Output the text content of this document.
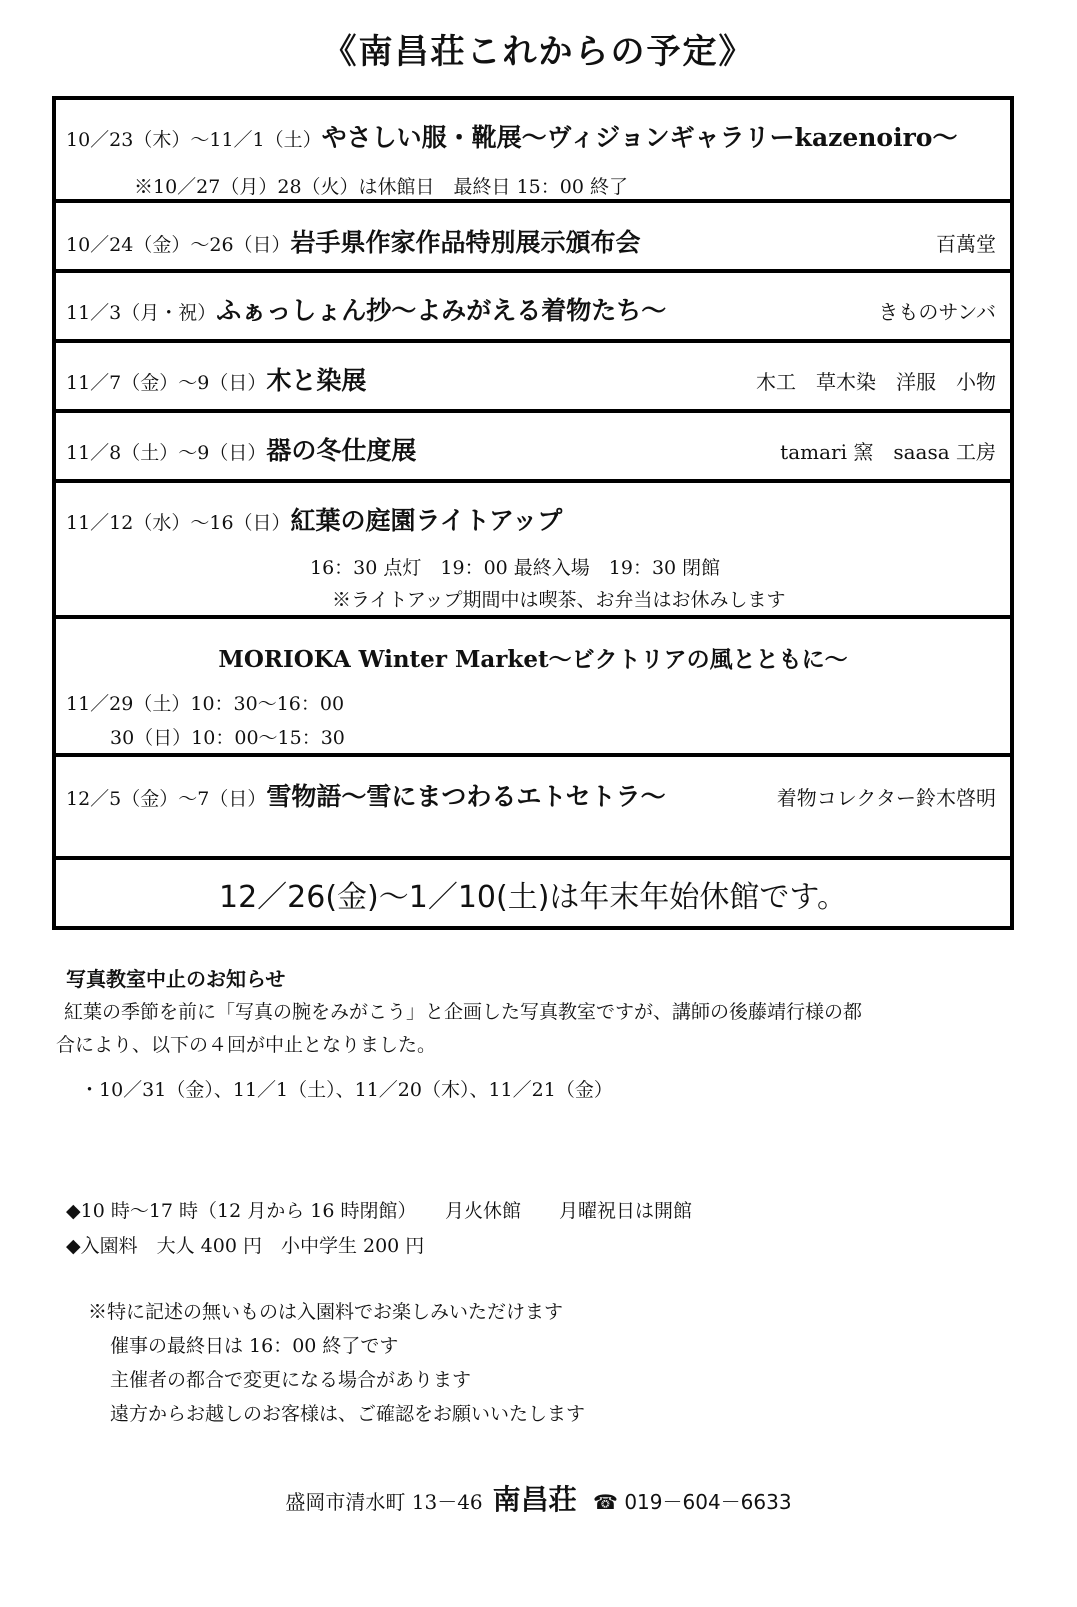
《南昌荘これからの予定》
10／23（木）～11／1（土）やさしい服・靴展～ヴィジョンギャラリーkazenoiro～
※10／27（月）28（火）は休館日　最終日 15：00 終了
10／24（金）～26（日）岩手県作家作品特別展示頒布会	百萬堂
11／3（月・祝）ふぁっしょん抄～よみがえる着物たち～	きものサンバ
11／7（金）～9（日）木と染展	木工　草木染　洋服　小物
11／8（土）～9（日）器の冬仕度展	tamari 窯　saasa 工房
11／12（水）～16（日）紅葉の庭園ライトアップ
16：30 点灯　19：00 最終入場　19：30 閉館
※ライトアップ期間中は喫茶、お弁当はお休みします
MORIOKA Winter Market～ビクトリアの風とともに～
11／29（土）10：30～16：00
30（日）10：00～15：30
12／5（金）～7（日）雪物語～雪にまつわるエトセトラ～	着物コレクター鈴木啓明
12／26(金)～1／10(土)は年末年始休館です。
写真教室中止のお知らせ
紅葉の季節を前に「写真の腕をみがこう」と企画した写真教室ですが、講師の後藤靖行様の都
合により、以下の４回が中止となりました。
・10／31（金）、11／1（土）、11／20（木）、11／21（金）
◆10 時～17 時（12 月から 16 時閉館）　　月火休館　　月曜祝日は開館
◆入園料　大人 400 円　小中学生 200 円
※特に記述の無いものは入園料でお楽しみいただけます
催事の最終日は 16：00 終了です
主催者の都合で変更になる場合があります
遠方からお越しのお客様は、ご確認をお願いいたします
盛岡市清水町 13－46 南昌荘 ☎ 019－604－6633
